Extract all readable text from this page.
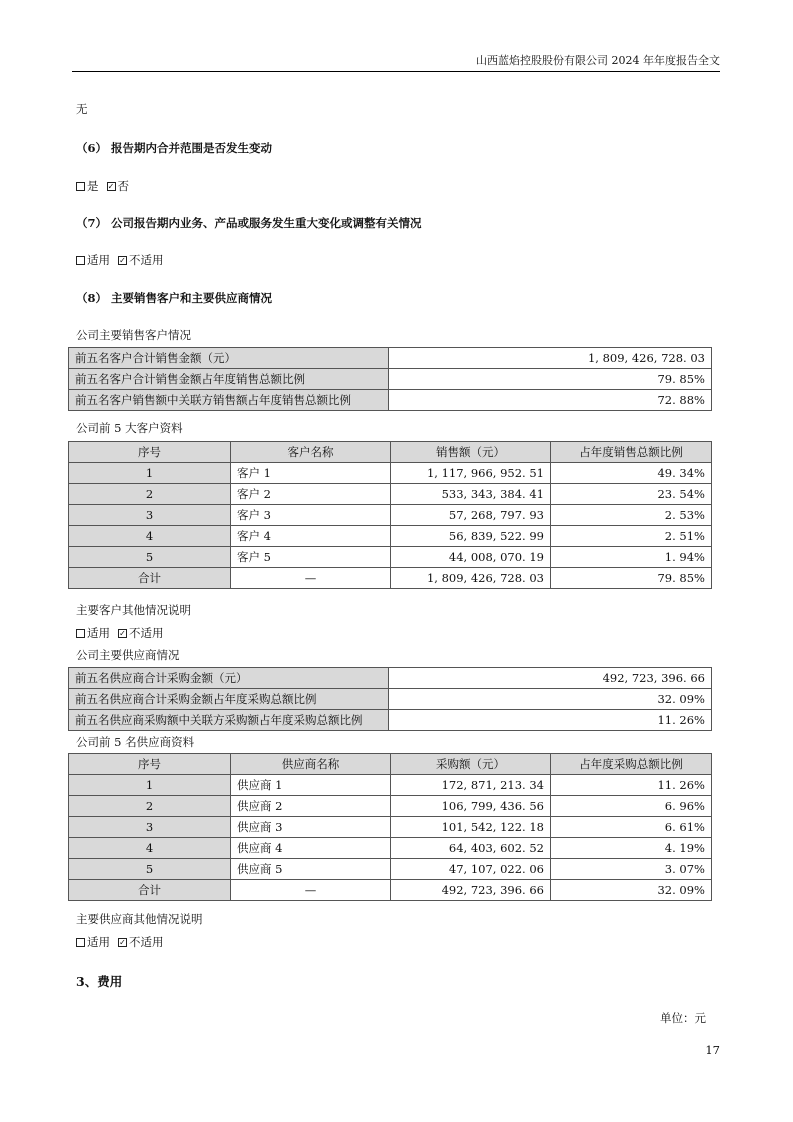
山西蓝焰控股股份有限公司 2024 年年度报告全文
无
（6） 报告期内合并范围是否发生变动
是 ✓ 否
（7） 公司报告期内业务、产品或服务发生重大变化或调整有关情况
适用 ✓ 不适用
（8） 主要销售客户和主要供应商情况
公司主要销售客户情况
前五名客户合计销售金额（元）	1, 809, 426, 728. 03
前五名客户合计销售金额占年度销售总额比例	79. 85%
前五名客户销售额中关联方销售额占年度销售总额比例	72. 88%
公司前 5 大客户资料
序号	客户名称	销售额（元）	占年度销售总额比例
1	客户 1	1, 117, 966, 952. 51	49. 34%
2	客户 2	533, 343, 384. 41	23. 54%
3	客户 3	57, 268, 797. 93	2. 53%
4	客户 4	56, 839, 522. 99	2. 51%
5	客户 5	44, 008, 070. 19	1. 94%
合计	—	1, 809, 426, 728. 03	79. 85%
主要客户其他情况说明
适用 ✓ 不适用
公司主要供应商情况
前五名供应商合计采购金额（元）	492, 723, 396. 66
前五名供应商合计采购金额占年度采购总额比例	32. 09%
前五名供应商采购额中关联方采购额占年度采购总额比例	11. 26%
公司前 5 名供应商资料
序号	供应商名称	采购额（元）	占年度采购总额比例
1	供应商 1	172, 871, 213. 34	11. 26%
2	供应商 2	106, 799, 436. 56	6. 96%
3	供应商 3	101, 542, 122. 18	6. 61%
4	供应商 4	64, 403, 602. 52	4. 19%
5	供应商 5	47, 107, 022. 06	3. 07%
合计	—	492, 723, 396. 66	32. 09%
主要供应商其他情况说明
适用 ✓ 不适用
3、费用
单位：元
17
